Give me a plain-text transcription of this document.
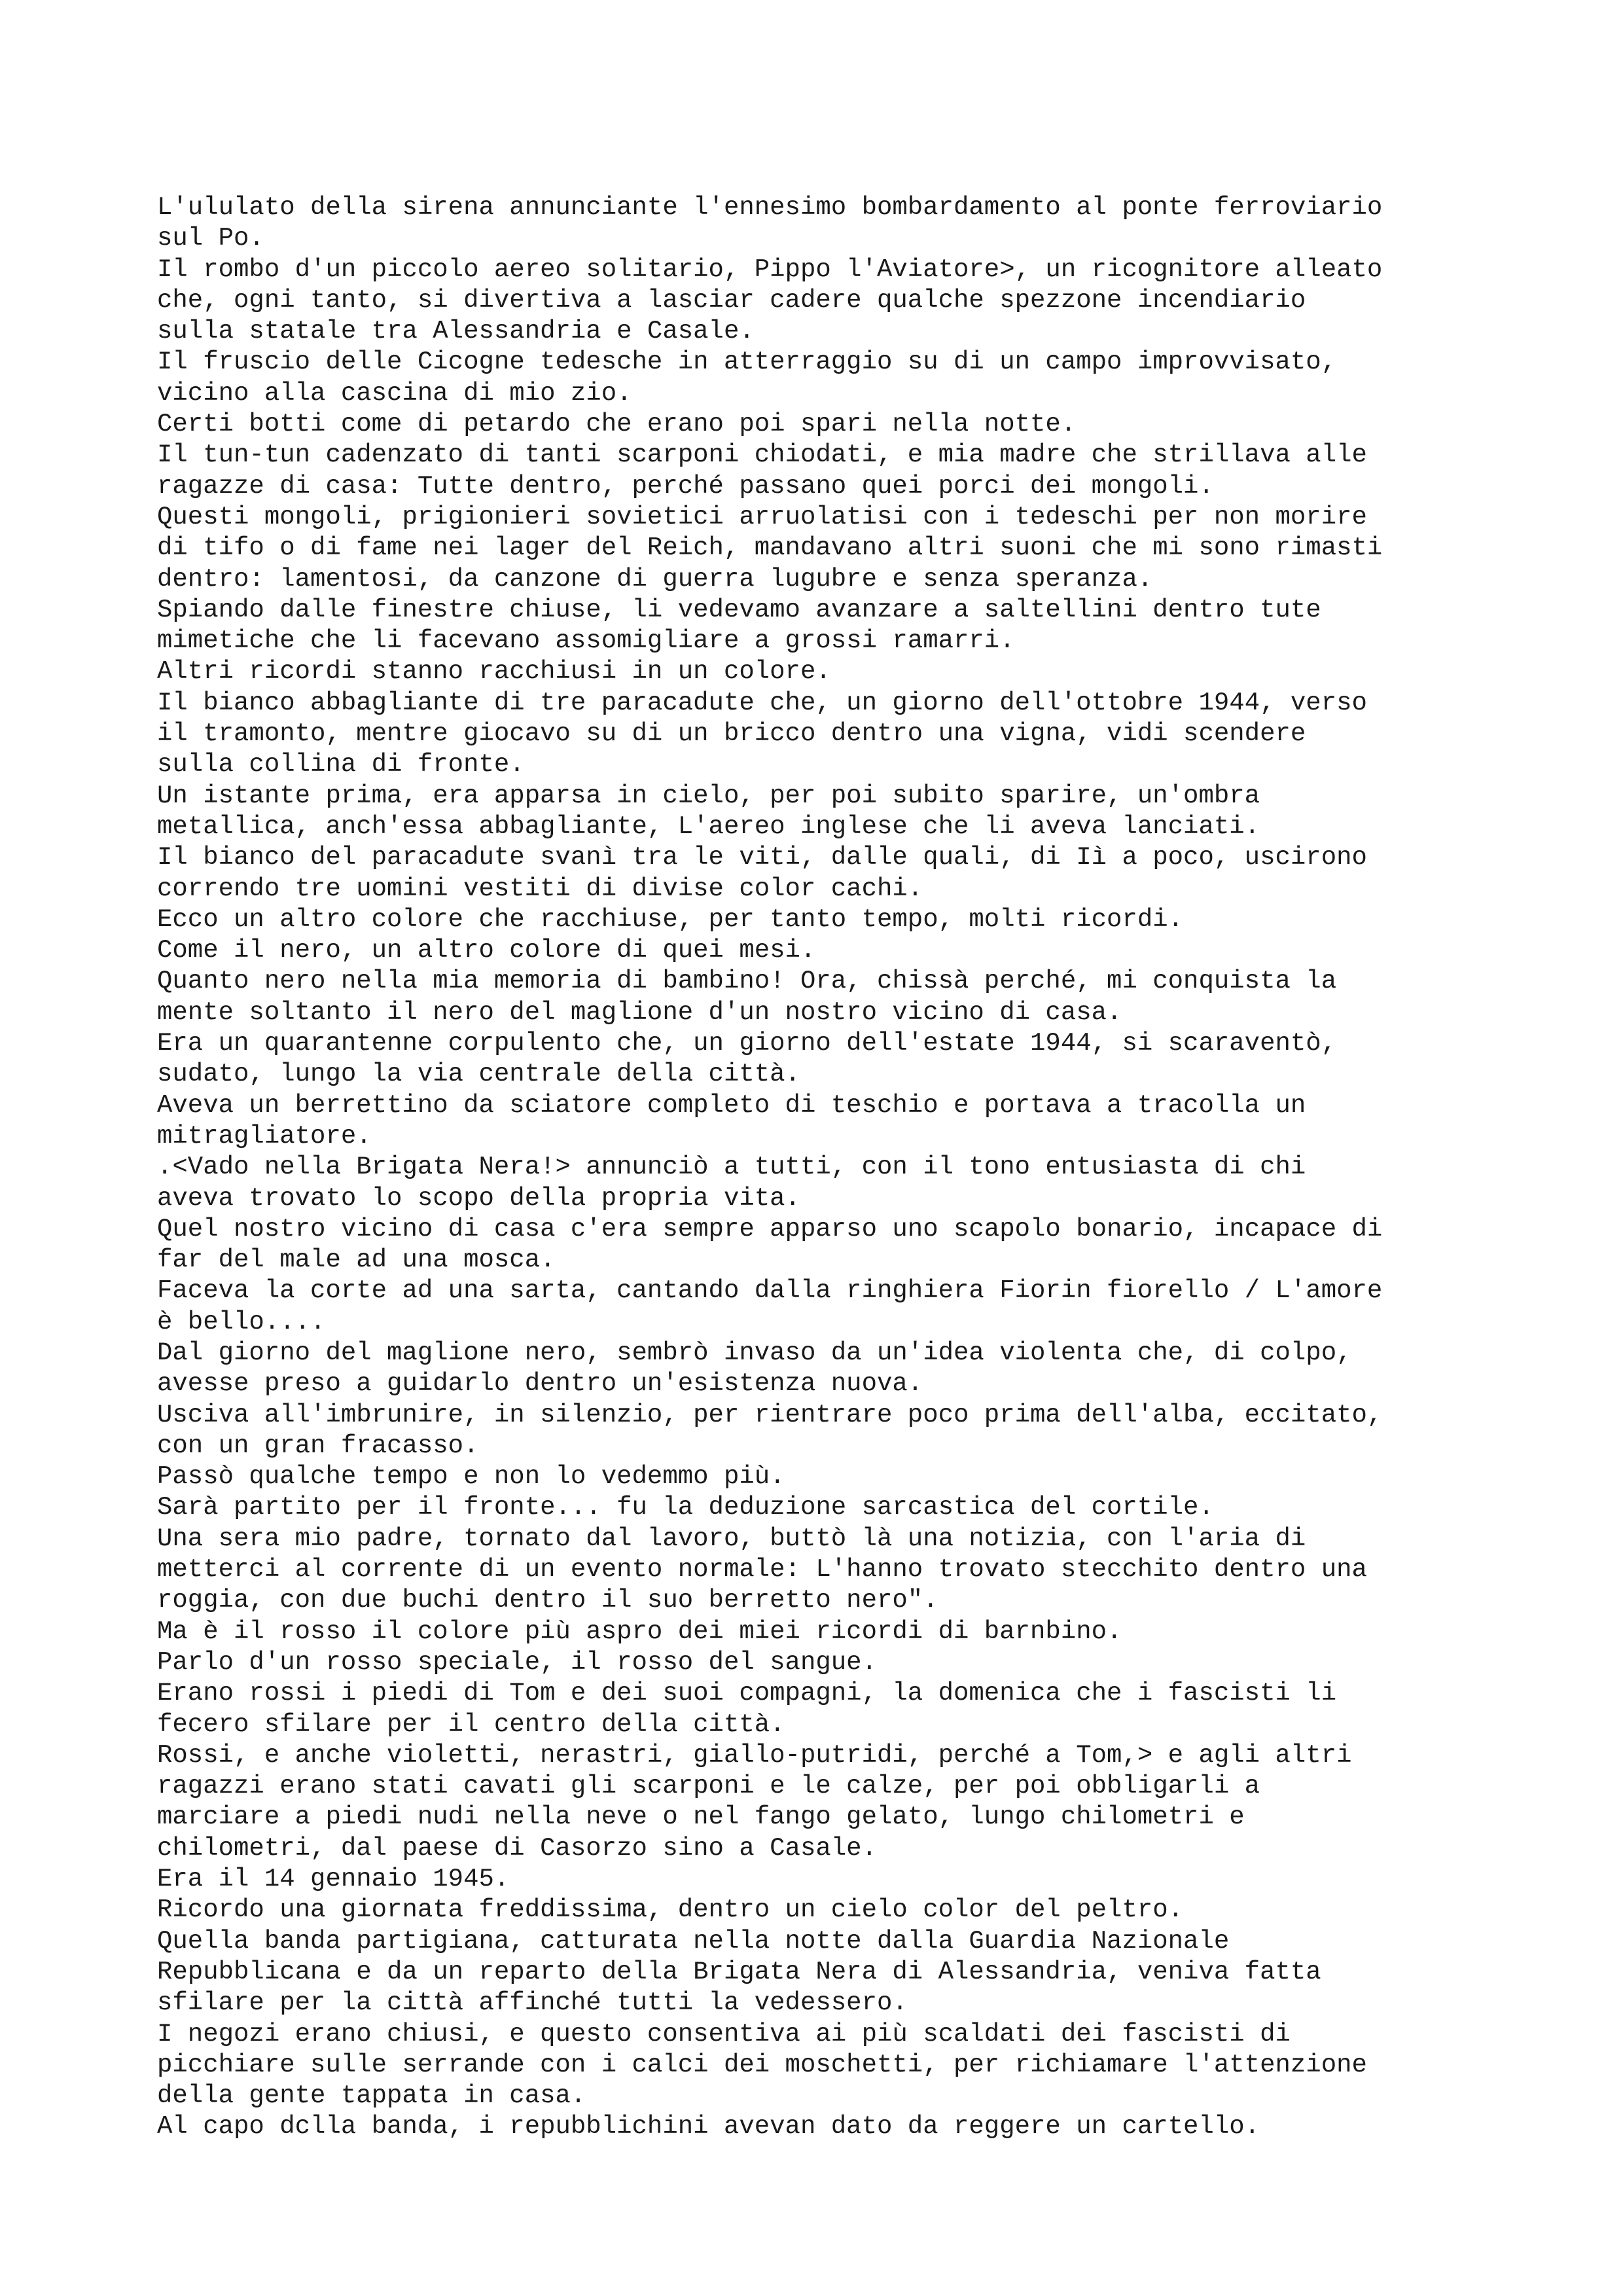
L'ululato della sirena annunciante l'ennesimo bombardamento al ponte ferroviario
sul Po.
Il rombo d'un piccolo aereo solitario, Pippo l'Aviatore>, un ricognitore alleato
che, ogni tanto, si divertiva a lasciar cadere qualche spezzone incendiario
sulla statale tra Alessandria e Casale.
Il fruscio delle Cicogne tedesche in atterraggio su di un campo improvvisato,
vicino alla cascina di mio zio.
Certi botti come di petardo che erano poi spari nella notte.
Il tun-tun cadenzato di tanti scarponi chiodati, e mia madre che strillava alle
ragazze di casa: Tutte dentro, perché passano quei porci dei mongoli.
Questi mongoli, prigionieri sovietici arruolatisi con i tedeschi per non morire
di tifo o di fame nei lager del Reich, mandavano altri suoni che mi sono rimasti
dentro: lamentosi, da canzone di guerra lugubre e senza speranza.
Spiando dalle finestre chiuse, li vedevamo avanzare a saltellini dentro tute
mimetiche che li facevano assomigliare a grossi ramarri.
Altri ricordi stanno racchiusi in un colore.
Il bianco abbagliante di tre paracadute che, un giorno dell'ottobre 1944, verso
il tramonto, mentre giocavo su di un bricco dentro una vigna, vidi scendere
sulla collina di fronte.
Un istante prima, era apparsa in cielo, per poi subito sparire, un'ombra
metallica, anch'essa abbagliante, L'aereo inglese che li aveva lanciati.
Il bianco del paracadute svanì tra le viti, dalle quali, di Iì a poco, uscirono
correndo tre uomini vestiti di divise color cachi.
Ecco un altro colore che racchiuse, per tanto tempo, molti ricordi.
Come il nero, un altro colore di quei mesi.
Quanto nero nella mia memoria di bambino! Ora, chissà perché, mi conquista la
mente soltanto il nero del maglione d'un nostro vicino di casa.
Era un quarantenne corpulento che, un giorno dell'estate 1944, si scaraventò,
sudato, lungo la via centrale della città.
Aveva un berrettino da sciatore completo di teschio e portava a tracolla un
mitragliatore.
.<Vado nella Brigata Nera!> annunciò a tutti, con il tono entusiasta di chi
aveva trovato lo scopo della propria vita.
Quel nostro vicino di casa c'era sempre apparso uno scapolo bonario, incapace di
far del male ad una mosca.
Faceva la corte ad una sarta, cantando dalla ringhiera Fiorin fiorello / L'amore
è bello....
Dal giorno del maglione nero, sembrò invaso da un'idea violenta che, di colpo,
avesse preso a guidarlo dentro un'esistenza nuova.
Usciva all'imbrunire, in silenzio, per rientrare poco prima dell'alba, eccitato,
con un gran fracasso.
Passò qualche tempo e non lo vedemmo più.
Sarà partito per il fronte... fu la deduzione sarcastica del cortile.
Una sera mio padre, tornato dal lavoro, buttò là una notizia, con l'aria di
metterci al corrente di un evento normale: L'hanno trovato stecchito dentro una
roggia, con due buchi dentro il suo berretto nero".
Ma è il rosso il colore più aspro dei miei ricordi di barnbino.
Parlo d'un rosso speciale, il rosso del sangue.
Erano rossi i piedi di Tom e dei suoi compagni, la domenica che i fascisti li
fecero sfilare per il centro della città.
Rossi, e anche violetti, nerastri, giallo-putridi, perché a Tom,> e agli altri
ragazzi erano stati cavati gli scarponi e le calze, per poi obbligarli a
marciare a piedi nudi nella neve o nel fango gelato, lungo chilometri e
chilometri, dal paese di Casorzo sino a Casale.
Era il 14 gennaio 1945.
Ricordo una giornata freddissima, dentro un cielo color del peltro.
Quella banda partigiana, catturata nella notte dalla Guardia Nazionale
Repubblicana e da un reparto della Brigata Nera di Alessandria, veniva fatta
sfilare per la città affinché tutti la vedessero.
I negozi erano chiusi, e questo consentiva ai più scaldati dei fascisti di
picchiare sulle serrande con i calci dei moschetti, per richiamare l'attenzione
della gente tappata in casa.
Al capo dclla banda, i repubblichini avevan dato da reggere un cartello.
